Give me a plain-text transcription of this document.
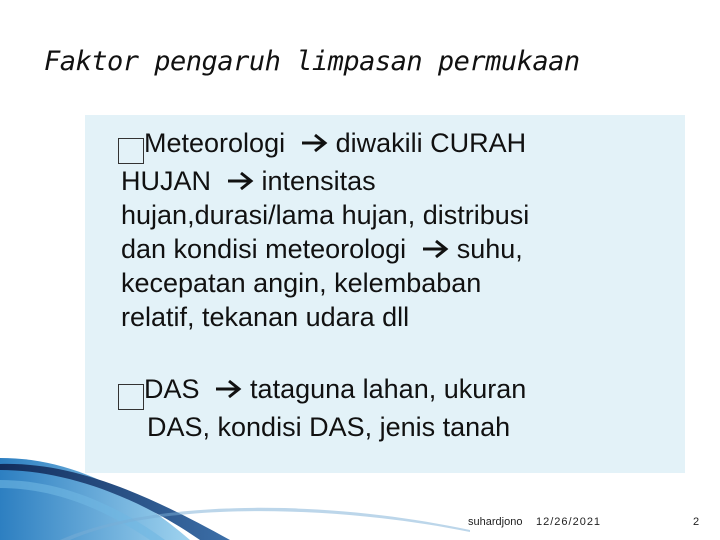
Faktor pengaruh limpasan permukaan
Meteorologi diwakili CURAH
HUJAN intensitas
hujan,durasi/lama hujan, distribusi
dan kondisi meteorologi suhu,
kecepatan angin, kelembaban
relatif, tekanan udara dll
DAS tataguna lahan, ukuran
DAS, kondisi DAS, jenis tanah
suhardjono 12/26/2021	2
